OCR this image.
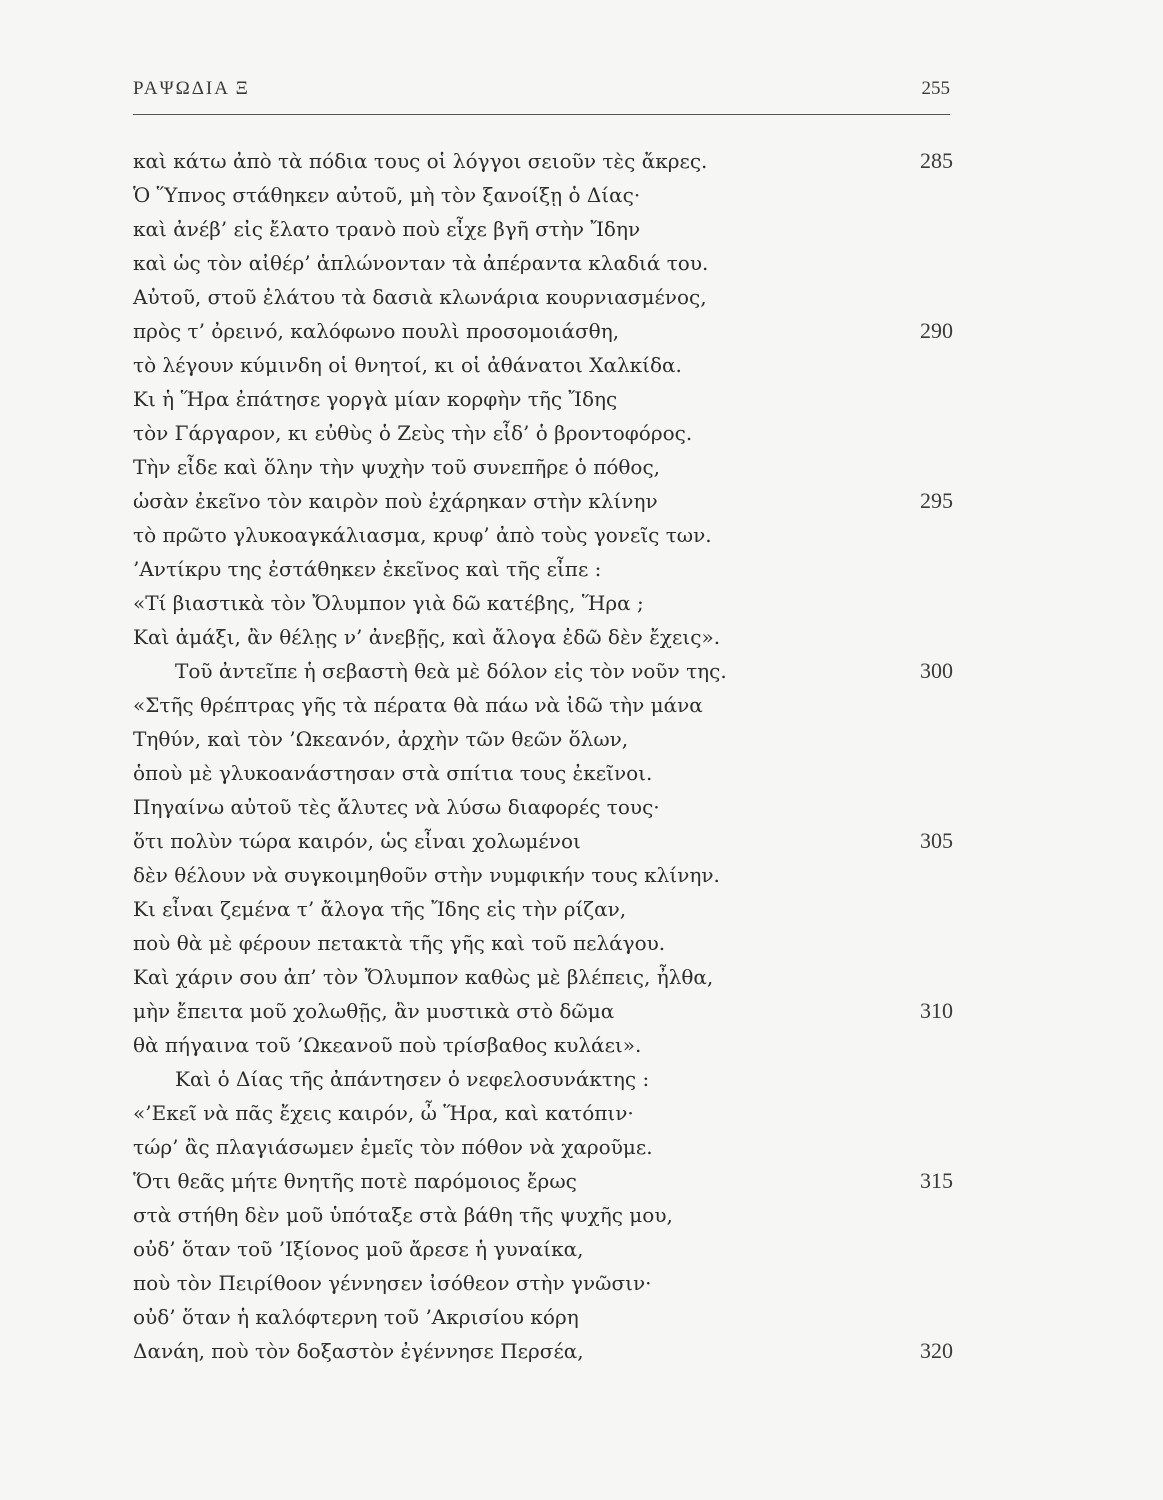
ΡΑΨΩΔΙΑ Ξ	255
καὶ κάτω ἀπὸ τὰ πόδια τους οἱ λόγγοι σειοῦν τὲς ἄκρες.	285
Ὁ Ὕπνος στάθηκεν αὐτοῦ, μὴ τὸν ξανοίξῃ ὁ Δίας·
καὶ ἀνέβ’ εἰς ἔλατο τρανὸ ποὺ εἶχε βγῆ στὴν Ἴδην
καὶ ὡς τὸν αἰθέρ’ ἁπλώνονταν τὰ ἀπέραντα κλαδιά του.
Αὐτοῦ, στοῦ ἐλάτου τὰ δασιὰ κλωνάρια κουρνιασμένος,
πρὸς τ’ ὀρεινό, καλόφωνο πουλὶ προσομοιάσθη,	290
τὸ λέγουν κύμινδη οἱ θνητοί, κι οἱ ἀθάνατοι Χαλκίδα.
Κι ἡ Ἥρα ἐπάτησε γοργὰ μίαν κορφὴν τῆς Ἴδης
τὸν Γάργαρον, κι εὐθὺς ὁ Ζεὺς τὴν εἶδ’ ὁ βροντοφόρος.
Τὴν εἶδε καὶ ὅλην τὴν ψυχὴν τοῦ συνεπῆρε ὁ πόθος,
ὡσὰν ἐκεῖνο τὸν καιρὸν ποὺ ἐχάρηκαν στὴν κλίνην	295
τὸ πρῶτο γλυκοαγκάλιασμα, κρυφ’ ἀπὸ τοὺς γονεῖς των.
’Αντίκρυ της ἐστάθηκεν ἐκεῖνος καὶ τῆς εἶπε :
«Τί βιαστικὰ τὸν Ὄλυμπον γιὰ δῶ κατέβης, Ἥρα ;
Καὶ ἁμάξι, ἂν θέλῃς ν’ ἀνεβῇς, καὶ ἄλογα ἐδῶ δὲν ἔχεις».
Τοῦ ἀντεῖπε ἡ σεβαστὴ θεὰ μὲ δόλον εἰς τὸν νοῦν της.	300
«Στῆς θρέπτρας γῆς τὰ πέρατα θὰ πάω νὰ ἰδῶ τὴν μάνα
Τηθύν, καὶ τὸν ’Ωκεανόν, ἀρχὴν τῶν θεῶν ὅλων,
ὁποὺ μὲ γλυκοανάστησαν στὰ σπίτια τους ἐκεῖνοι.
Πηγαίνω αὐτοῦ τὲς ἄλυτες νὰ λύσω διαφορές τους·
ὅτι πολὺν τώρα καιρόν, ὡς εἶναι χολωμένοι	305
δὲν θέλουν νὰ συγκοιμηθοῦν στὴν νυμφικήν τους κλίνην.
Κι εἶναι ζεμένα τ’ ἄλογα τῆς Ἴδης εἰς τὴν ρίζαν,
ποὺ θὰ μὲ φέρουν πετακτὰ τῆς γῆς καὶ τοῦ πελάγου.
Καὶ χάριν σου ἀπ’ τὸν Ὄλυμπον καθὼς μὲ βλέπεις, ἦλθα,
μὴν ἔπειτα μοῦ χολωθῇς, ἂν μυστικὰ στὸ δῶμα	310
θὰ πήγαινα τοῦ ’Ωκεανοῦ ποὺ τρίσβαθος κυλάει».
Καὶ ὁ Δίας τῆς ἀπάντησεν ὁ νεφελοσυνάκτης :
«’Εκεῖ νὰ πᾶς ἔχεις καιρόν, ὦ Ἥρα, καὶ κατόπιν·
τώρ’ ἂς πλαγιάσωμεν ἐμεῖς τὸν πόθον νὰ χαροῦμε.
Ὅτι θεᾶς μήτε θνητῆς ποτὲ παρόμοιος ἔρως	315
στὰ στήθη δὲν μοῦ ὑπόταξε στὰ βάθη τῆς ψυχῆς μου,
οὐδ’ ὅταν τοῦ ’Ιξίονος μοῦ ἄρεσε ἡ γυναίκα,
ποὺ τὸν Πειρίθοον γέννησεν ἰσόθεον στὴν γνῶσιν·
οὐδ’ ὅταν ἡ καλόφτερνη τοῦ ’Ακρισίου κόρη
Δανάη, ποὺ τὸν δοξαστὸν ἐγέννησε Περσέα,	320
